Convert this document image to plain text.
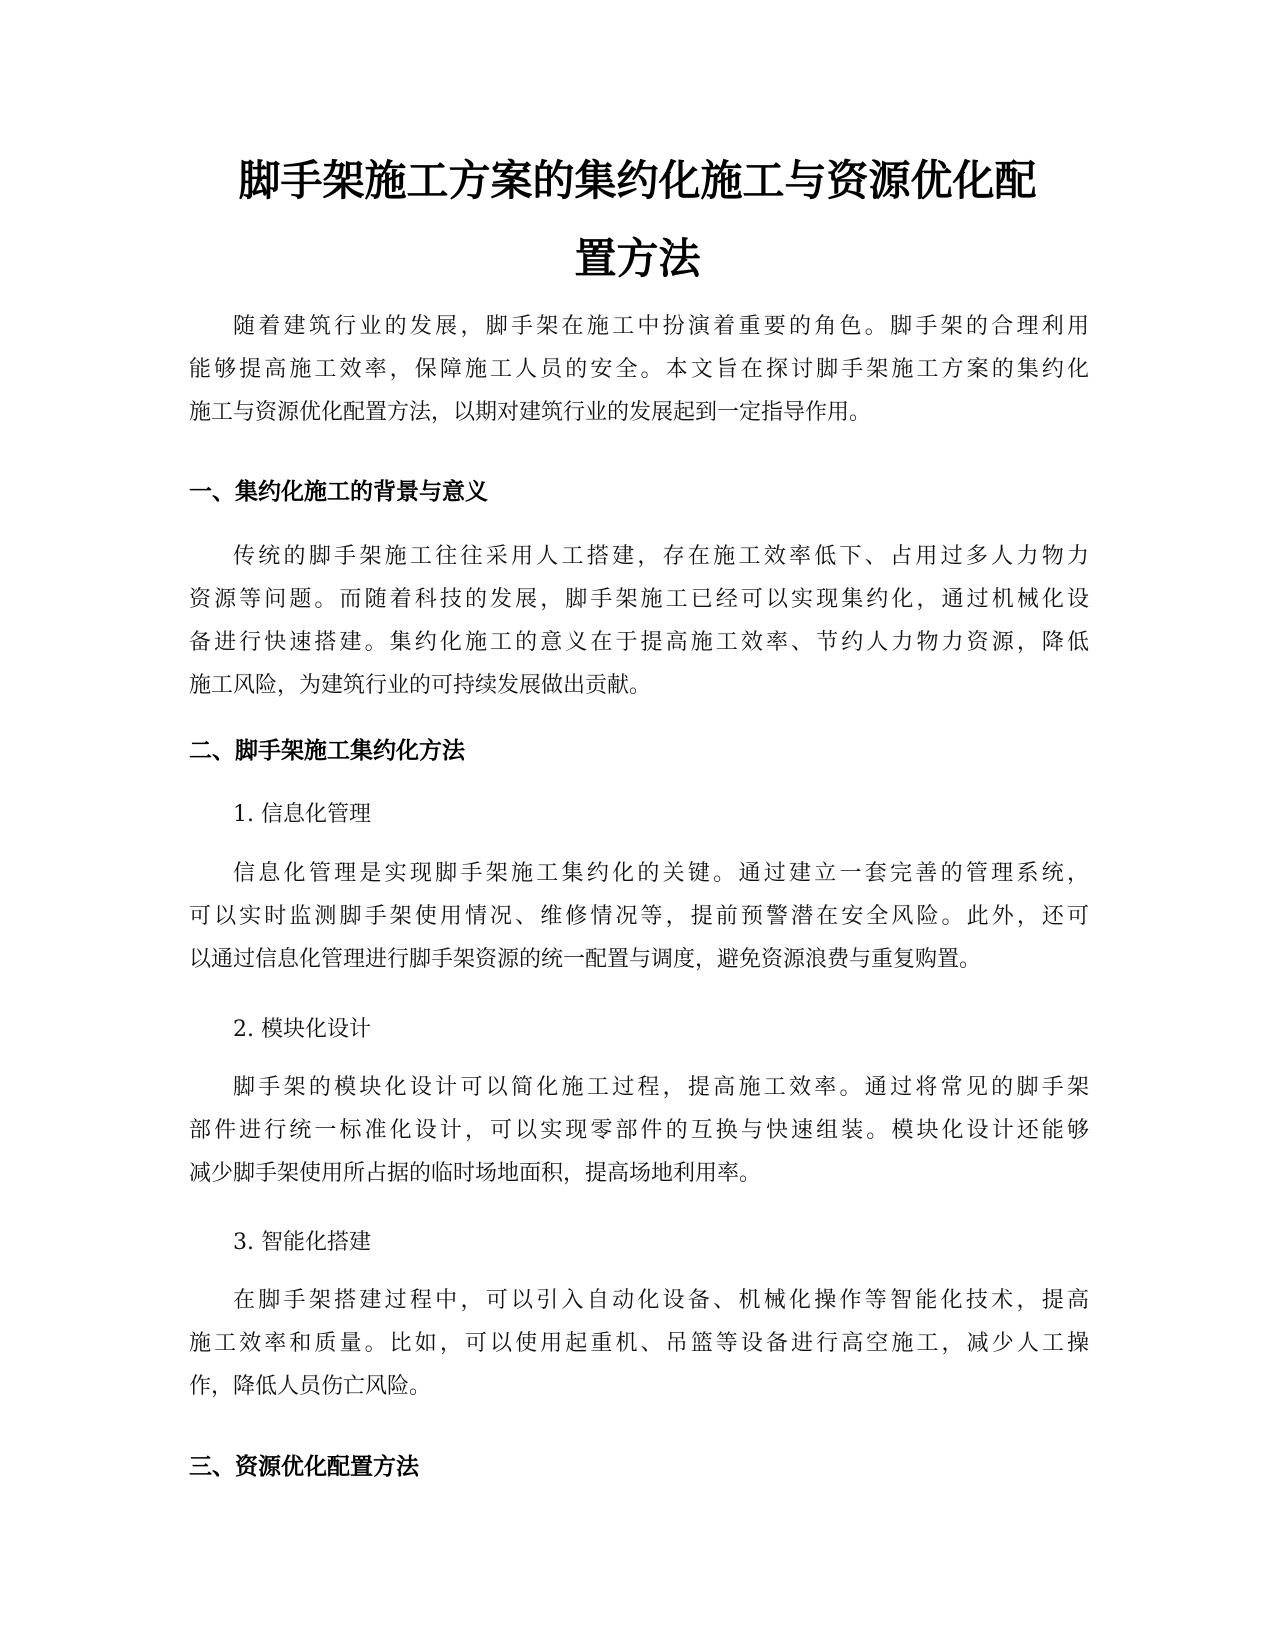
脚手架施工方案的集约化施工与资源优化配
置方法
随着建筑行业的发展，脚手架在施工中扮演着重要的角色。脚手架的合理利用
能够提高施工效率，保障施工人员的安全。本文旨在探讨脚手架施工方案的集约化
施工与资源优化配置方法，以期对建筑行业的发展起到一定指导作用。
一、集约化施工的背景与意义
传统的脚手架施工往往采用人工搭建，存在施工效率低下、占用过多人力物力
资源等问题。而随着科技的发展，脚手架施工已经可以实现集约化，通过机械化设
备进行快速搭建。集约化施工的意义在于提高施工效率、节约人力物力资源，降低
施工风险，为建筑行业的可持续发展做出贡献。
二、脚手架施工集约化方法
1. 信息化管理
信息化管理是实现脚手架施工集约化的关键。通过建立一套完善的管理系统，
可以实时监测脚手架使用情况、维修情况等，提前预警潜在安全风险。此外，还可
以通过信息化管理进行脚手架资源的统一配置与调度，避免资源浪费与重复购置。
2. 模块化设计
脚手架的模块化设计可以简化施工过程，提高施工效率。通过将常见的脚手架
部件进行统一标准化设计，可以实现零部件的互换与快速组装。模块化设计还能够
减少脚手架使用所占据的临时场地面积，提高场地利用率。
3. 智能化搭建
在脚手架搭建过程中，可以引入自动化设备、机械化操作等智能化技术，提高
施工效率和质量。比如，可以使用起重机、吊篮等设备进行高空施工，减少人工操
作，降低人员伤亡风险。
三、资源优化配置方法
